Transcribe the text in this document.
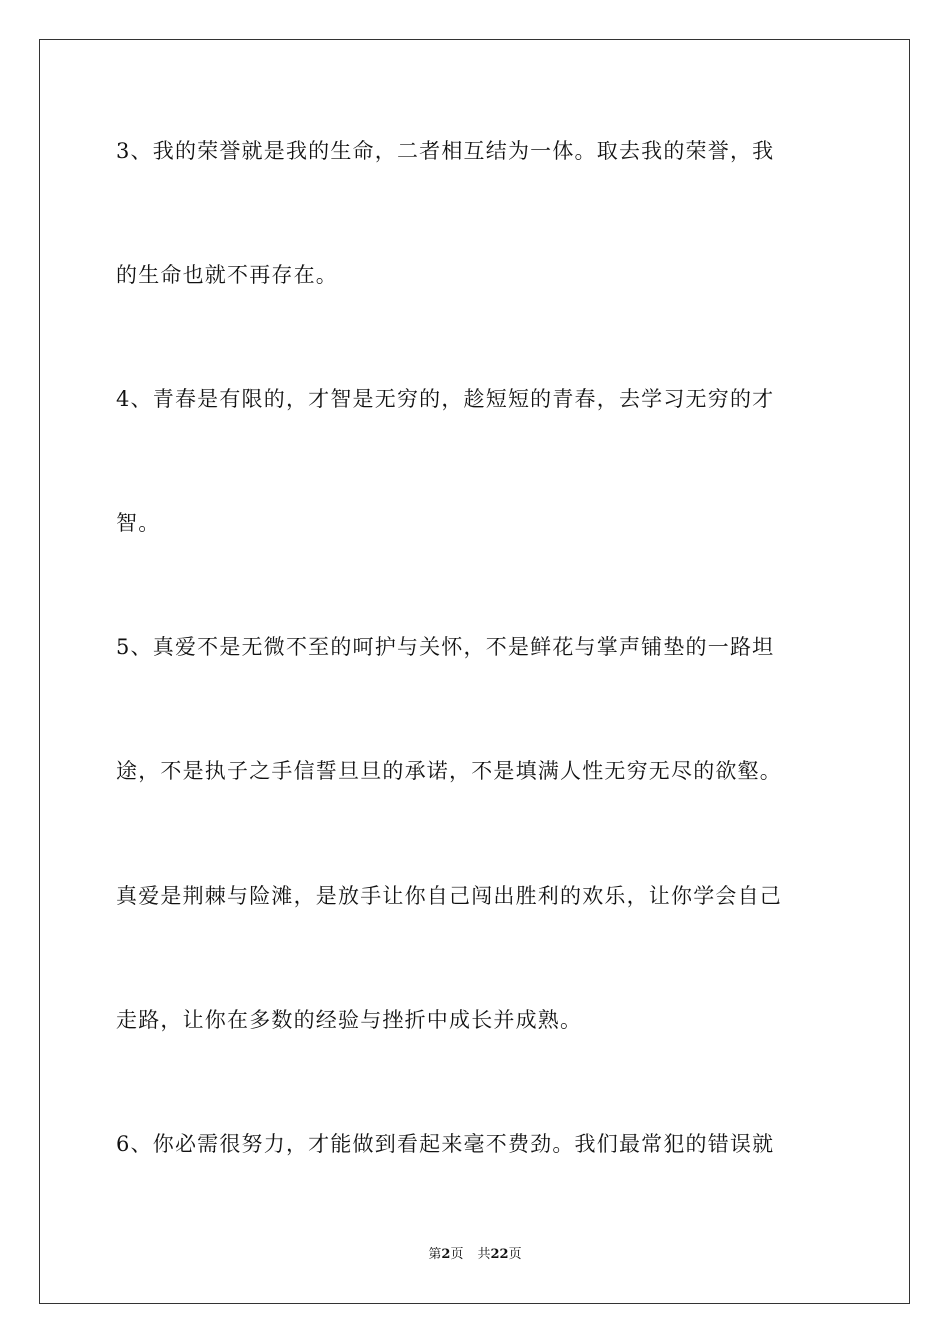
3、我的荣誉就是我的生命，二者相互结为一体。取去我的荣誉，我
的生命也就不再存在。
4、青春是有限的，才智是无穷的，趁短短的青春，去学习无穷的才
智。
5、真爱不是无微不至的呵护与关怀，不是鲜花与掌声铺垫的一路坦
途，不是执子之手信誓旦旦的承诺，不是填满人性无穷无尽的欲壑。
真爱是荆棘与险滩，是放手让你自己闯出胜利的欢乐，让你学会自己
走路，让你在多数的经验与挫折中成长并成熟。
6、你必需很努力，才能做到看起来毫不费劲。我们最常犯的错误就
第2页 共22页
